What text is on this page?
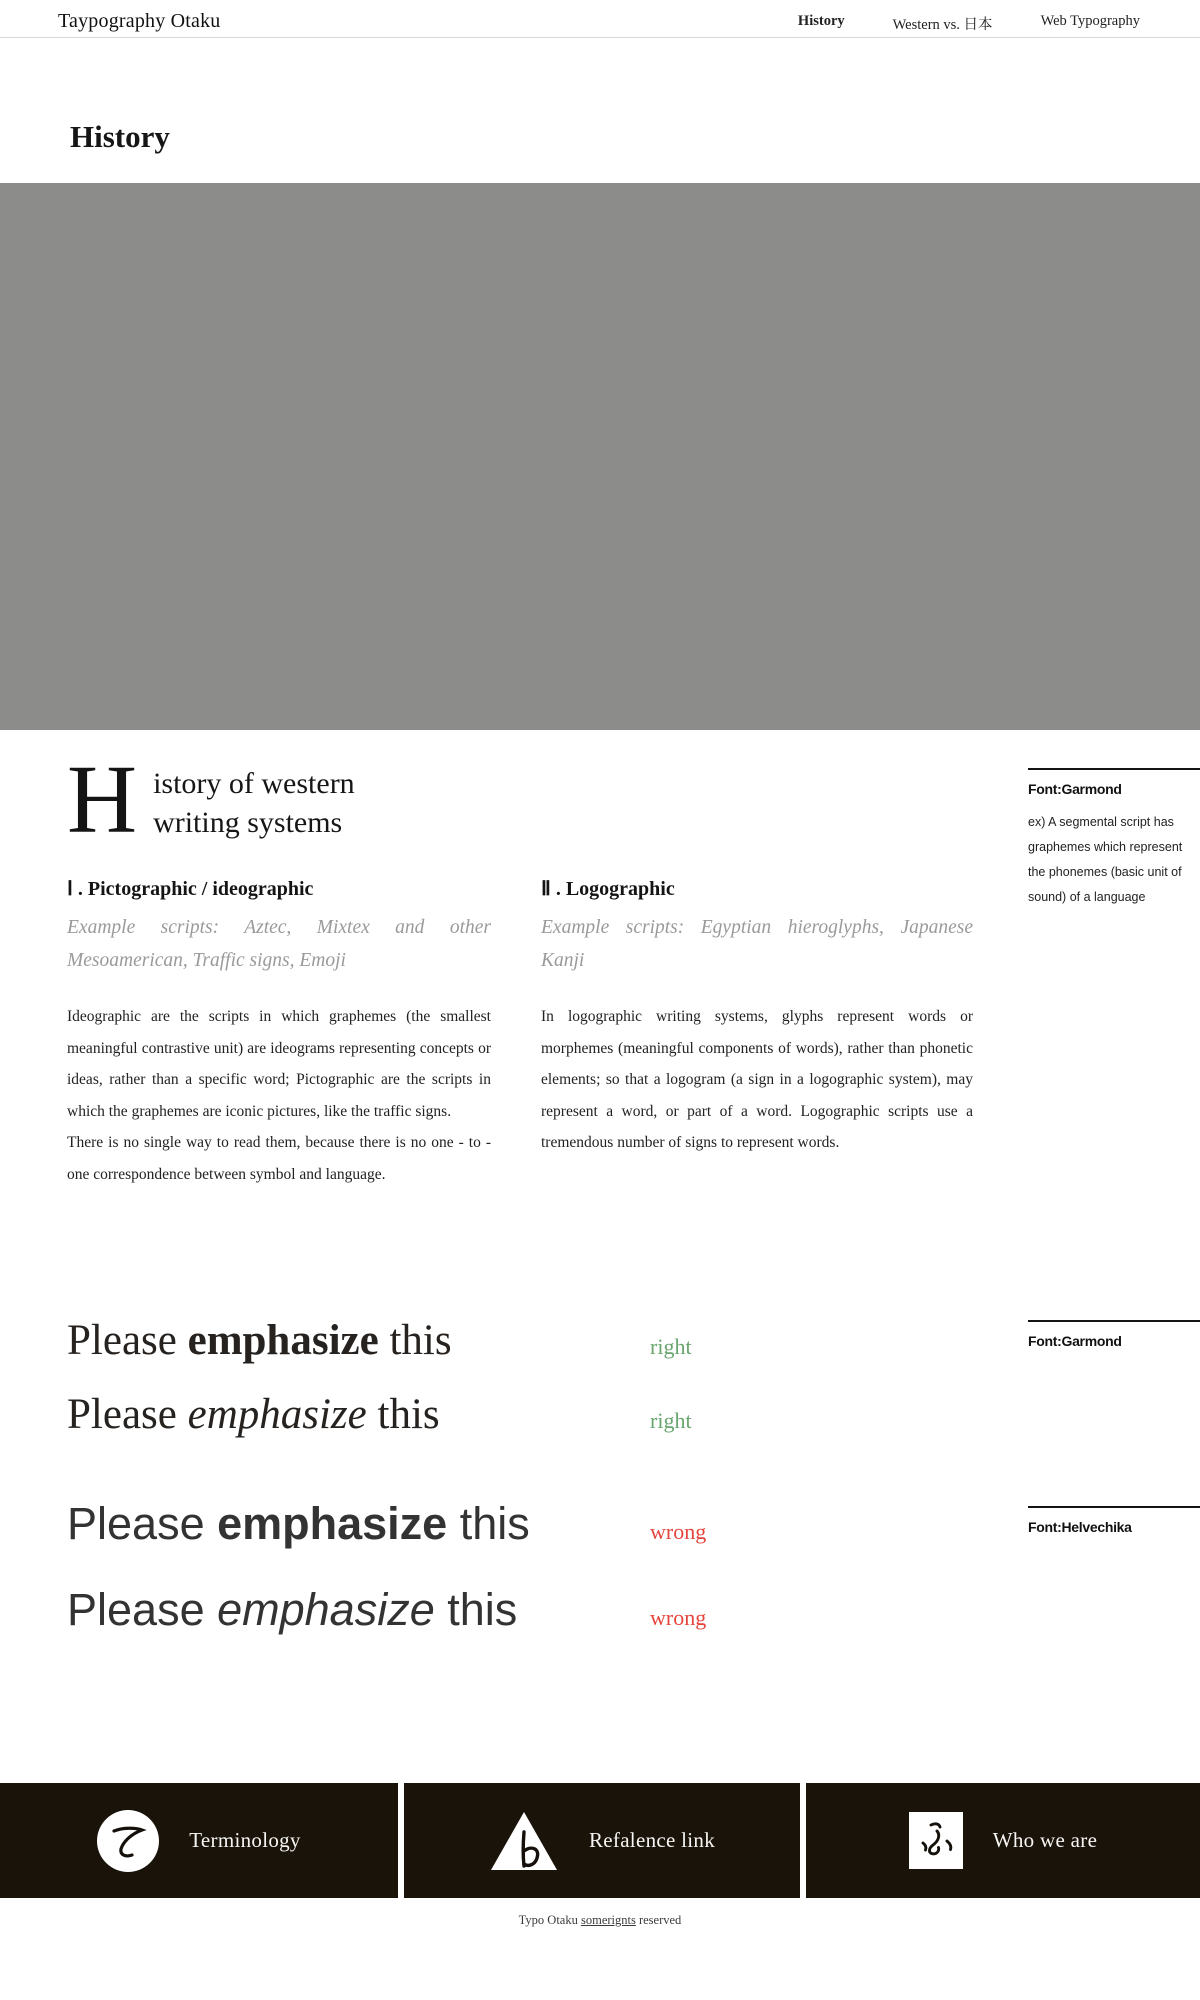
Taypography Otaku	History	Western vs. 日本	Web Typography
History
H istory of western
writing systems
Ⅰ . Pictographic / ideographic

Example scripts: Aztec, Mixtex and other Mesoamerican, Traffic signs, Emoji

Ideographic are the scripts in which graphemes (the smallest meaningful contrastive unit) are ideograms representing concepts or ideas, rather than a specific word; Pictographic are the scripts in which the graphemes are iconic pictures, like the traffic signs.

There is no single way to read them, because there is no one - to - one correspondence between symbol and language.

Ⅱ . Logographic

Example scripts: Egyptian hieroglyphs, Japanese Kanji

In logographic writing systems, glyphs represent words or morphemes (meaningful components of words), rather than phonetic elements; so that a logogram (a sign in a logographic system), may represent a word, or part of a word. Logographic scripts use a tremendous number of signs to represent words.

Font:Garmond
ex) A segmental script has graphemes which represent the phonemes (basic unit of sound) of a language
Font:Garmond
Font:Helvechika
Please emphasize this	right
Please emphasize this	right
Please emphasize this	wrong
Please emphasize this	wrong
Terminology	Refalence link	Who we are
Typo Otaku somerignts reserved
